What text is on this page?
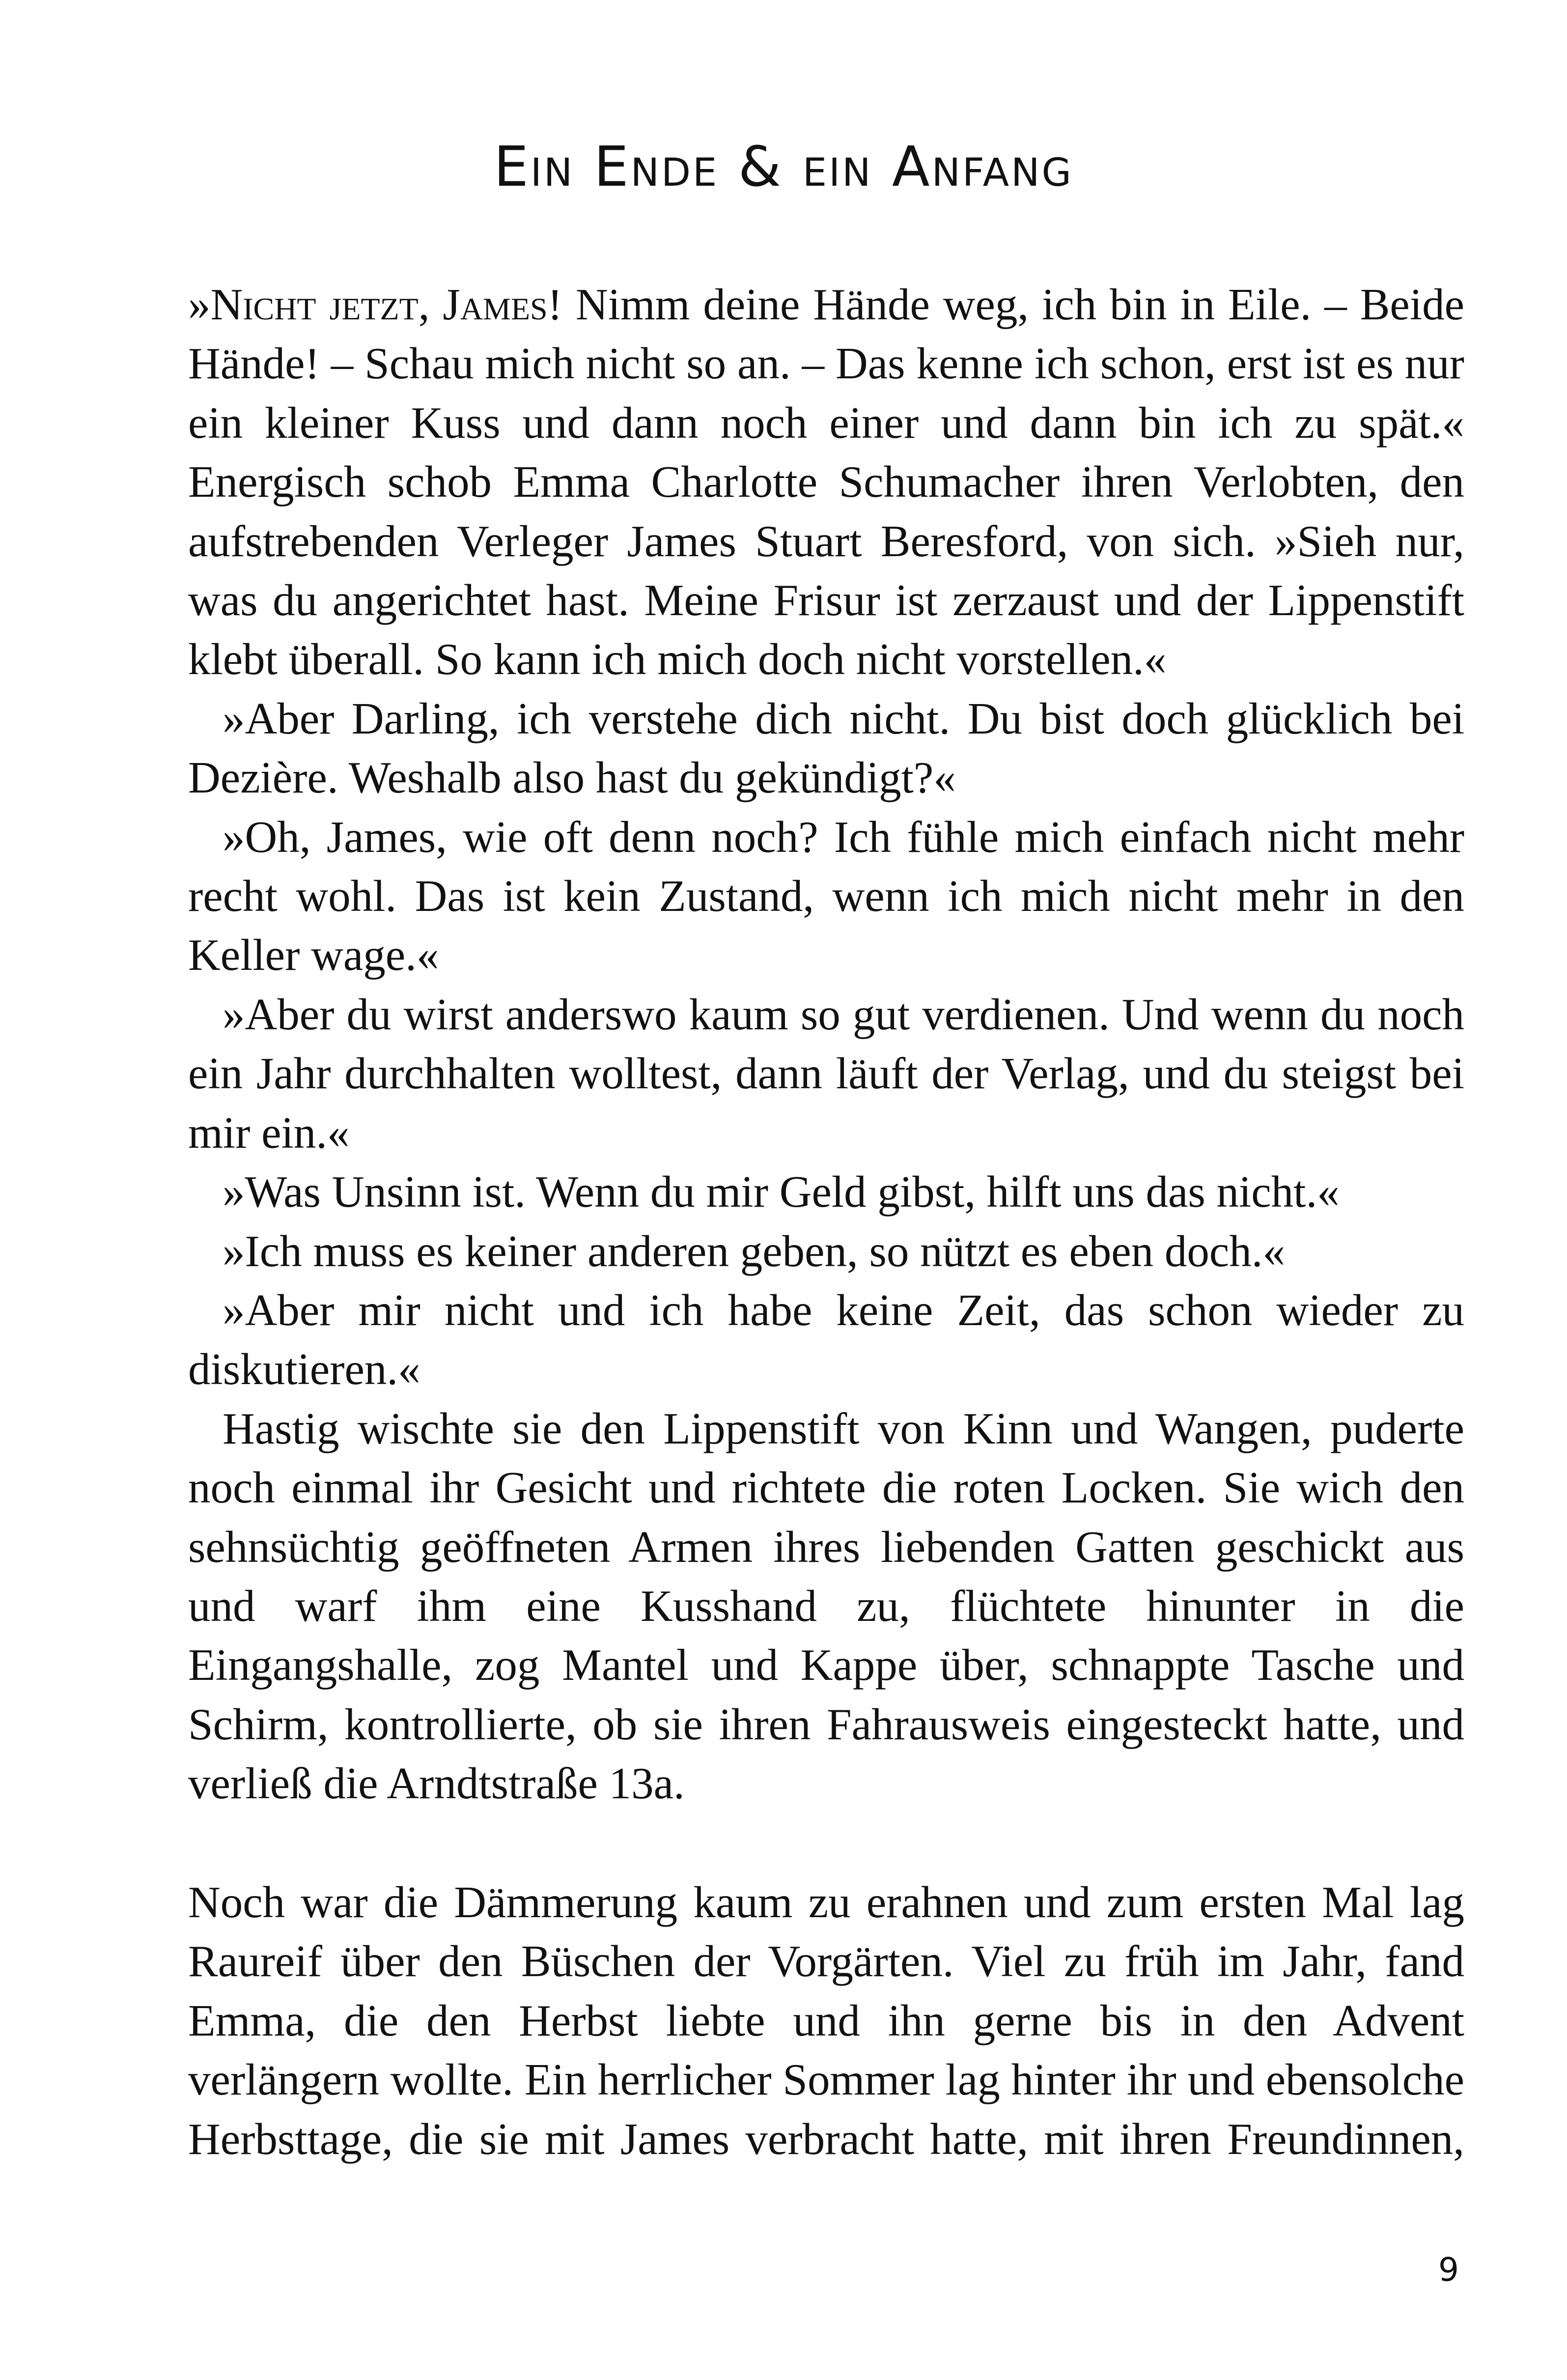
Ein Ende & ein Anfang

»Nicht jetzt, James! Nimm deine Hände weg, ich bin in Eile. – Beide Hände! – Schau mich nicht so an. – Das kenne ich schon, erst ist es nur ein kleiner Kuss und dann noch einer und dann bin ich zu spät.« Energisch schob Emma Charlotte Schumacher ihren Verlobten, den aufstrebenden Verleger James Stuart Beresford, von sich. »Sieh nur, was du angerichtet hast. Meine Frisur ist zerzaust und der Lippenstift klebt überall. So kann ich mich doch nicht vorstellen.«

»Aber Darling, ich verstehe dich nicht. Du bist doch glücklich bei Dezière. Weshalb also hast du gekündigt?«

»Oh, James, wie oft denn noch? Ich fühle mich einfach nicht mehr recht wohl. Das ist kein Zustand, wenn ich mich nicht mehr in den Keller wage.«

»Aber du wirst anderswo kaum so gut verdienen. Und wenn du noch ein Jahr durchhalten wolltest, dann läuft der Verlag, und du steigst bei mir ein.«

»Was Unsinn ist. Wenn du mir Geld gibst, hilft uns das nicht.«

»Ich muss es keiner anderen geben, so nützt es eben doch.«

»Aber mir nicht und ich habe keine Zeit, das schon wieder zu diskutieren.«

Hastig wischte sie den Lippenstift von Kinn und Wangen, puderte noch einmal ihr Gesicht und richtete die roten Locken. Sie wich den sehnsüchtig geöffneten Armen ihres liebenden Gatten geschickt aus und warf ihm eine Kusshand zu, flüchtete hinunter in die Eingangshalle, zog Mantel und Kappe über, schnappte Tasche und Schirm, kontrollierte, ob sie ihren Fahrausweis eingesteckt hatte, und verließ die Arndtstraße 13a.

Noch war die Dämmerung kaum zu erahnen und zum ersten Mal lag Raureif über den Büschen der Vorgärten. Viel zu früh im Jahr, fand Emma, die den Herbst liebte und ihn gerne bis in den Advent verlängern wollte. Ein herrlicher Sommer lag hinter ihr und ebensolche Herbsttage, die sie mit James verbracht hatte, mit ihren Freundinnen,

9
